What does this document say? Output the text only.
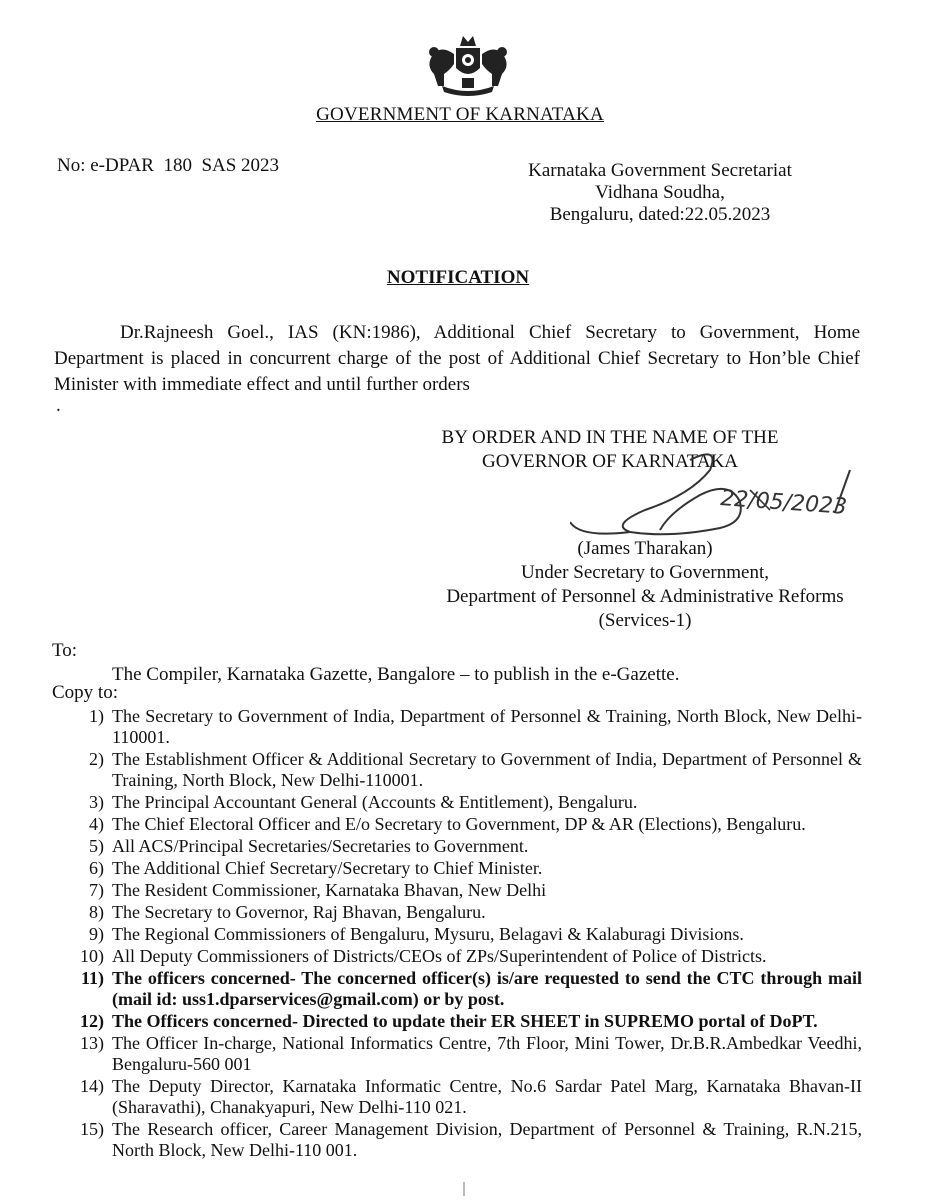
GOVERNMENT OF KARNATAKA
No: e-DPAR  180  SAS 2023	Karnataka Government Secretariat
Vidhana Soudha,
Bengaluru, dated:22.05.2023
NOTIFICATION
Dr.Rajneesh Goel., IAS (KN:1986), Additional Chief Secretary to Government, Home Department is placed in concurrent charge of the post of Additional Chief Secretary to Hon’ble Chief Minister with immediate effect and until further orders
.
BY ORDER AND IN THE NAME OF THE
GOVERNOR OF KARNATAKA
22/05/2023
(James Tharakan)
Under Secretary to Government,
Department of Personnel & Administrative Reforms
(Services-1)
To:
The Compiler, Karnataka Gazette, Bangalore – to publish in the e-Gazette.
Copy to:
1) The Secretary to Government of India, Department of Personnel & Training, North Block, New Delhi-110001.
2) The Establishment Officer & Additional Secretary to Government of India, Department of Personnel & Training, North Block, New Delhi-110001.
3) The Principal Accountant General (Accounts & Entitlement), Bengaluru.
4) The Chief Electoral Officer and E/o Secretary to Government, DP & AR (Elections), Bengaluru.
5) All ACS/Principal Secretaries/Secretaries to Government.
6) The Additional Chief Secretary/Secretary to Chief Minister.
7) The Resident Commissioner, Karnataka Bhavan, New Delhi
8) The Secretary to Governor, Raj Bhavan, Bengaluru.
9) The Regional Commissioners of Bengaluru, Mysuru, Belagavi & Kalaburagi Divisions.
10) All Deputy Commissioners of Districts/CEOs of ZPs/Superintendent of Police of Districts.
11) The officers concerned- The concerned officer(s) is/are requested to send the CTC through mail (mail id: uss1.dparservices@gmail.com) or by post.
12) The Officers concerned- Directed to update their ER SHEET in SUPREMO portal of DoPT.
13) The Officer In-charge, National Informatics Centre, 7th Floor, Mini Tower, Dr.B.R.Ambedkar Veedhi, Bengaluru-560 001
14) The Deputy Director, Karnataka Informatic Centre, No.6 Sardar Patel Marg, Karnataka Bhavan-II (Sharavathi), Chanakyapuri, New Delhi-110 021.
15) The Research officer, Career Management Division, Department of Personnel & Training, R.N.215, North Block, New Delhi-110 001.
